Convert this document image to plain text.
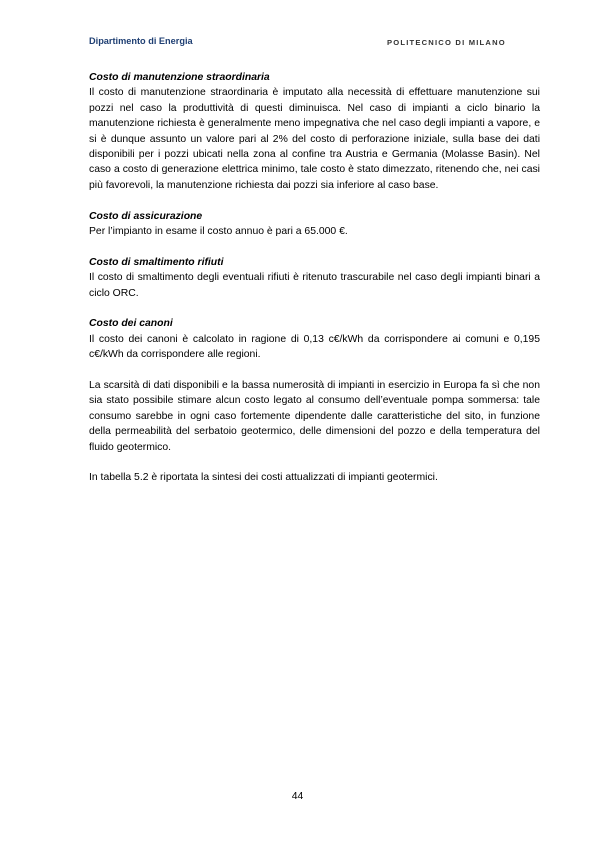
Dipartimento di Energia	POLITECNICO DI MILANO

Costo di manutenzione straordinaria

Il costo di manutenzione straordinaria è imputato alla necessità di effettuare manutenzione sui pozzi nel caso la produttività di questi diminuisca. Nel caso di impianti a ciclo binario la manutenzione richiesta è generalmente meno impegnativa che nel caso degli impianti a vapore, e si è dunque assunto un valore pari al 2% del costo di perforazione iniziale, sulla base dei dati disponibili per i pozzi ubicati nella zona al confine tra Austria e Germania (Molasse Basin). Nel caso a costo di generazione elettrica minimo, tale costo è stato dimezzato, ritenendo che, nei casi più favorevoli, la manutenzione richiesta dai pozzi sia inferiore al caso base.

Costo di assicurazione

Per l’impianto in esame il costo annuo è pari a 65.000 €.

Costo di smaltimento rifiuti

Il costo di smaltimento degli eventuali rifiuti è ritenuto trascurabile nel caso degli impianti binari a ciclo ORC.

Costo dei canoni

Il costo dei canoni è calcolato in ragione di 0,13 c€/kWh da corrispondere ai comuni e 0,195 c€/kWh da corrispondere alle regioni.

La scarsità di dati disponibili e la bassa numerosità di impianti in esercizio in Europa fa sì che non sia stato possibile stimare alcun costo legato al consumo dell’eventuale pompa sommersa: tale consumo sarebbe in ogni caso fortemente dipendente dalle caratteristiche del sito, in funzione della permeabilità del serbatoio geotermico, delle dimensioni del pozzo e della temperatura del fluido geotermico.

In tabella 5.2 è riportata la sintesi dei costi attualizzati di impianti geotermici.

44
